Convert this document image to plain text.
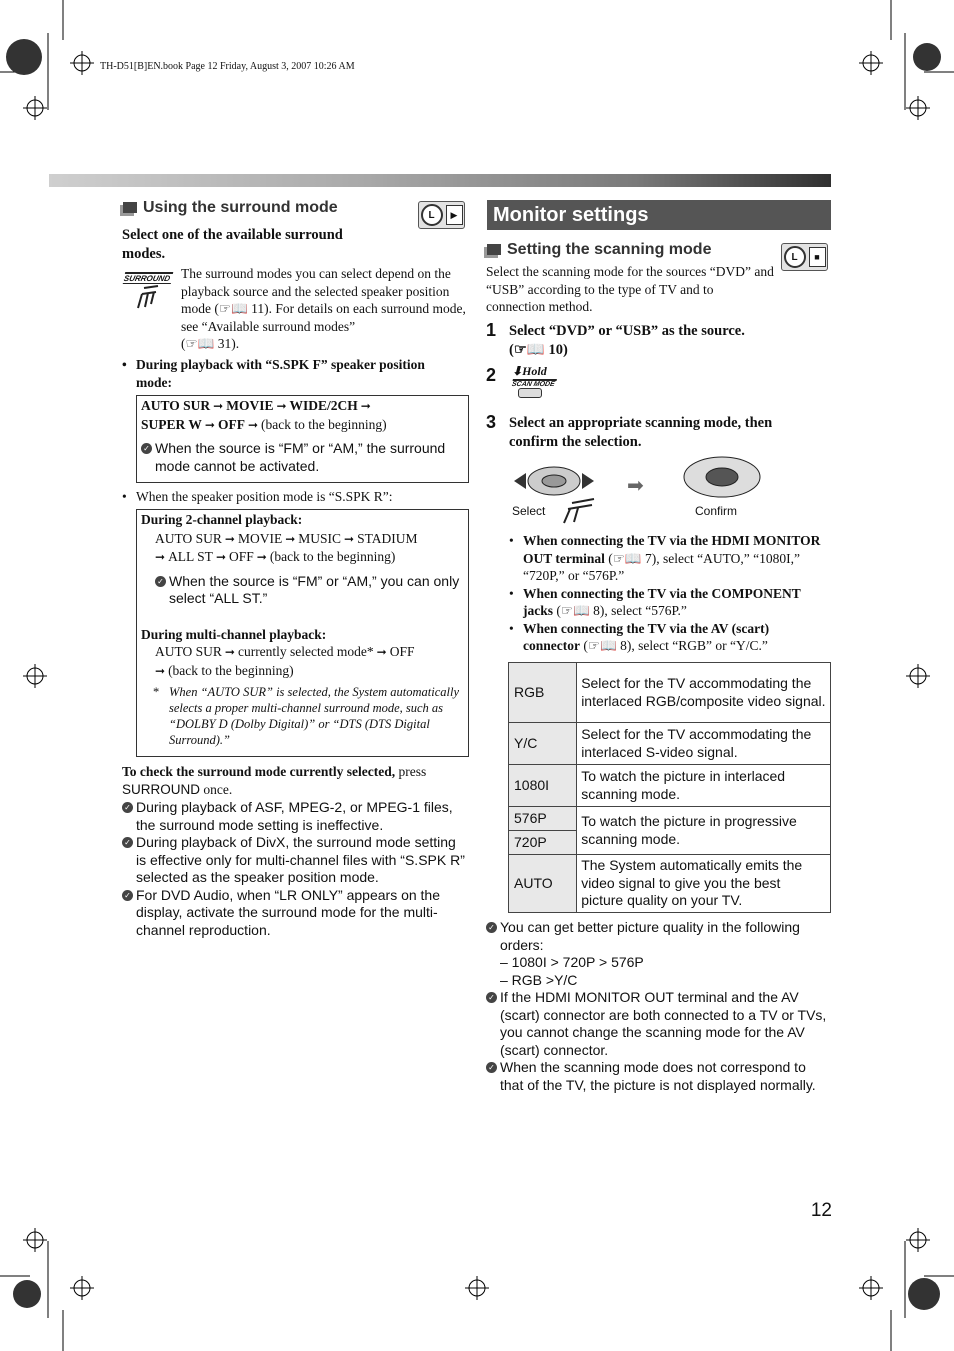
TH-D51[B]EN.book Page 12 Friday, August 3, 2007 10:26 AM
Using the surround mode	L	▶
Select one of the available surround modes.
SURROUND The surround modes you can select depend on the playback source and the selected speaker position mode (☞📖 11). For details on each surround mode, see “Available surround modes”
(☞📖 31).
• During playback with “S.SPK F” speaker position mode:
AUTO SUR ➞ MOVIE ➞ WIDE/2CH ➞
SUPER W ➞ OFF ➞ (back to the beginning)
✓ When the source is “FM” or “AM,” the surround mode cannot be activated.
• When the speaker position mode is “S.SPK R”:
During 2-channel playback:
AUTO SUR ➞ MOVIE ➞ MUSIC ➞ STADIUM
➞ ALL ST ➞ OFF ➞ (back to the beginning)
✓ When the source is “FM” or “AM,” you can only select “ALL ST.”
During multi-channel playback:
AUTO SUR ➞ currently selected mode* ➞ OFF
➞ (back to the beginning)
* When “AUTO SUR” is selected, the System automatically selects a proper multi-channel surround mode, such as “DOLBY D (Dolby Digital)” or “DTS (DTS Digital Surround).”
To check the surround mode currently selected, press
SURROUND once.
✓ During playback of ASF, MPEG-2, or MPEG-1 files, the surround mode setting is ineffective.
✓ During playback of DivX, the surround mode setting is effective only for multi-channel files with “S.SPK R” selected as the speaker position mode.
✓ For DVD Audio, when “LR ONLY” appears on the display, activate the surround mode for the multi-channel reproduction.
Monitor settings
Setting the scanning mode	L	■
Select the scanning mode for the sources “DVD” and “USB” according to the type of TV and to connection method.
1 Select “DVD” or “USB” as the source.
(☞📖 10)
2 ⬇Hold
SCAN MODE
3 Select an appropriate scanning mode, then confirm the selection.
Select
➡
Confirm
• When connecting the TV via the HDMI MONITOR OUT terminal (☞📖 7), select “AUTO,” “1080I,” “720P,” or “576P.”
• When connecting the TV via the COMPONENT jacks (☞📖 8), select “576P.”
• When connecting the TV via the AV (scart) connector (☞📖 8), select “RGB” or “Y/C.”
RGB	Select for the TV accommodating the interlaced RGB/composite video signal.
Y/C	Select for the TV accommodating the interlaced S-video signal.
1080I	To watch the picture in interlaced scanning mode.
576P	To watch the picture in progressive scanning mode.
720P	
AUTO	The System automatically emits the video signal to give you the best picture quality on your TV.
✓ You can get better picture quality in the following orders:
– 1080I > 720P > 576P
– RGB >Y/C
✓ If the HDMI MONITOR OUT terminal and the AV (scart) connector are both connected to a TV or TVs, you cannot change the scanning mode for the AV (scart) connector.
✓ When the scanning mode does not correspond to that of the TV, the picture is not displayed normally.
12
